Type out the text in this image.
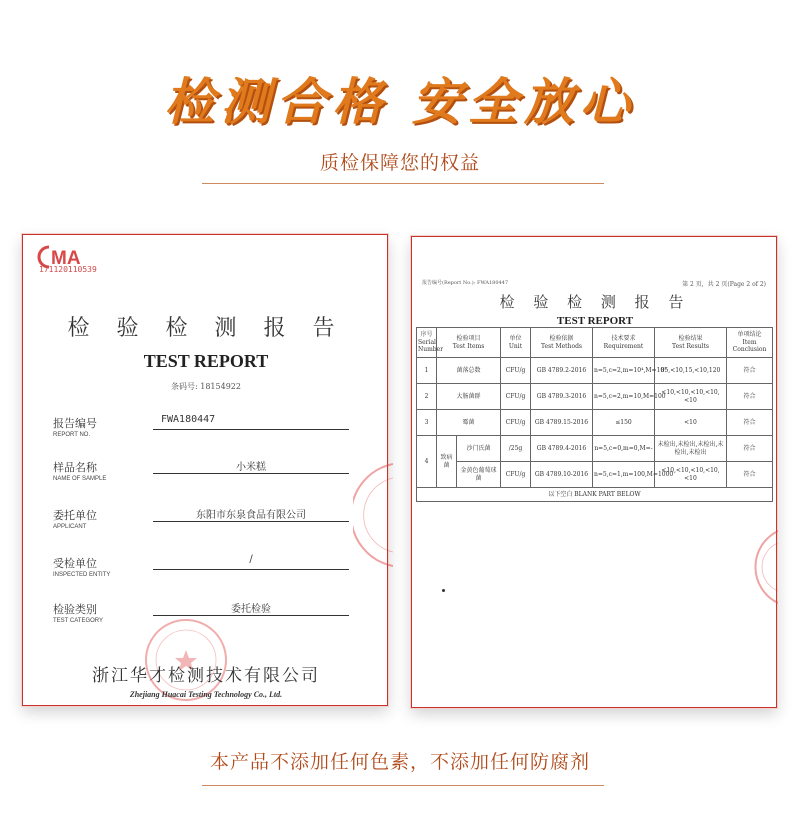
检测合格 安全放心
质检保障您的权益
MA
171120110539
检 验 检 测 报 告
TEST REPORT
条码号: 18154922
报告编号
REPORT NO.
FWA180447
样品名称
NAME OF SAMPLE
小米糕
委托单位
APPLICANT
东阳市东泉食品有限公司
受检单位
INSPECTED ENTITY
/
检验类别
TEST CATEGORY
委托检验
浙江华才检测技术有限公司
Zhejiang Huacai Testing Technology Co., Ltd.
报告编号(Report No.): FWA180447	第 2 页，共 2 页(Page 2 of 2)
检 验 检 测 报 告
TEST REPORT
序号
Serial
Number	检验项目
Test Items		单位
Unit	检验依据
Test Methods	技术要求
Requirement	检验结果
Test Results	单项结论
Item
Conclusion
1	菌落总数		CFU/g	GB 4789.2-2016	n=5,c=2,m=10⁴,M=10⁵	85,<10,15,<10,120	符合
2	大肠菌群		CFU/g	GB 4789.3-2016	n=5,c=2,m=10,M=100	<10,<10,<10,<10,<10	符合
3	霉菌		CFU/g	GB 4789.15-2016	≤150	<10	符合
4	致病菌	沙门氏菌	/25g	GB 4789.4-2016	n=5,c=0,m=0,M=-	未检出,未检出,未检出,未检出,未检出	符合
		金黄色葡萄球菌	CFU/g	GB 4789.10-2016	n=5,c=1,m=100,M=1000	<10,<10,<10,<10,<10	符合
以下空白 BLANK PART BELOW							
本产品不添加任何色素，不添加任何防腐剂
